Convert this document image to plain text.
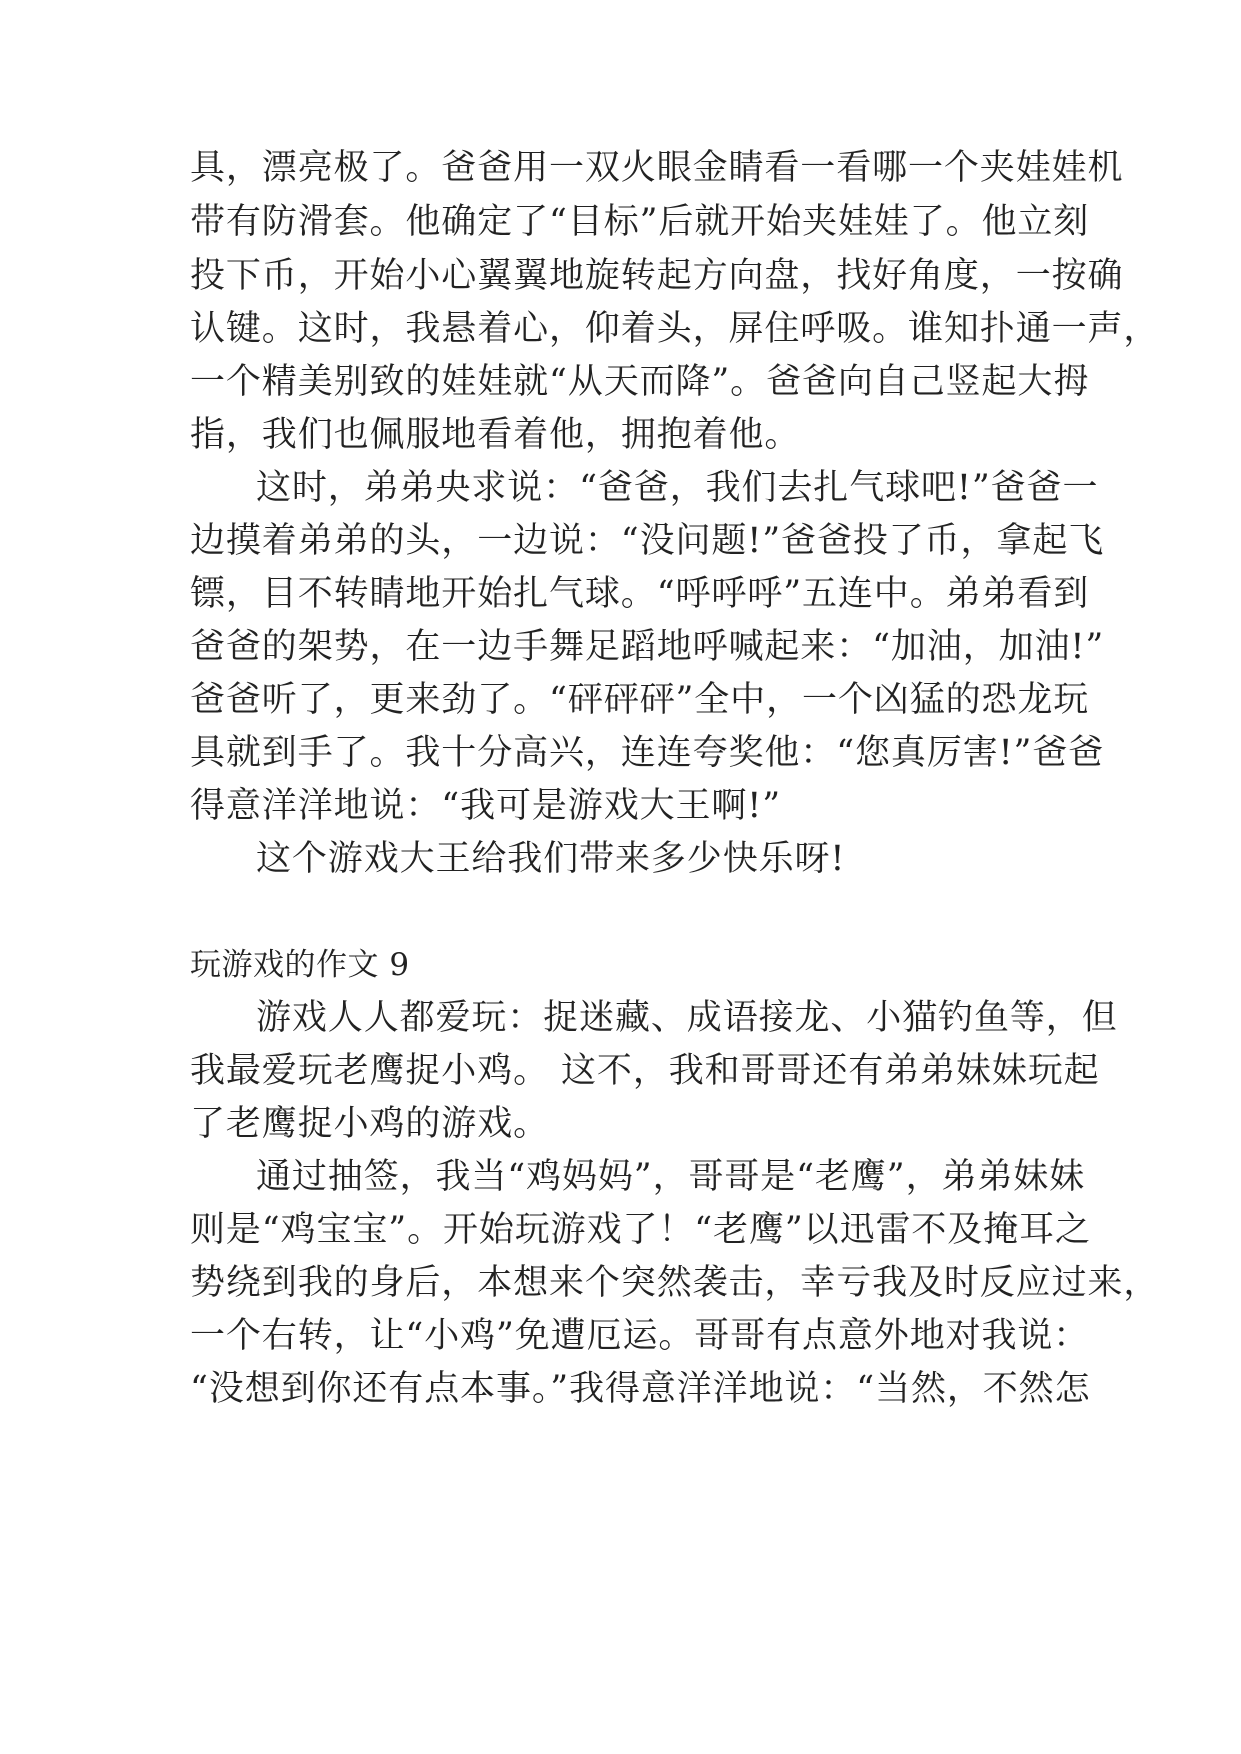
具，漂亮极了。爸爸用一双火眼金睛看一看哪一个夹娃娃机
带有防滑套。他确定了“目标”后就开始夹娃娃了。他立刻
投下币，开始小心翼翼地旋转起方向盘，找好角度，一按确
认键。这时，我悬着心，仰着头，屏住呼吸。谁知扑通一声，
一个精美别致的娃娃就“从天而降”。爸爸向自己竖起大拇
指，我们也佩服地看着他，拥抱着他。
这时，弟弟央求说：“爸爸，我们去扎气球吧!”爸爸一
边摸着弟弟的头，一边说：“没问题!”爸爸投了币，拿起飞
镖，目不转睛地开始扎气球。“呼呼呼”五连中。弟弟看到
爸爸的架势，在一边手舞足蹈地呼喊起来：“加油，加油!”
爸爸听了，更来劲了。“砰砰砰”全中，一个凶猛的恐龙玩
具就到手了。我十分高兴，连连夸奖他：“您真厉害!”爸爸
得意洋洋地说：“我可是游戏大王啊!”
这个游戏大王给我们带来多少快乐呀!
玩游戏的作文 9
游戏人人都爱玩：捉迷藏、成语接龙、小猫钓鱼等，但
我最爱玩老鹰捉小鸡。 这不，我和哥哥还有弟弟妹妹玩起
了老鹰捉小鸡的游戏。
通过抽签，我当“鸡妈妈”，哥哥是“老鹰”，弟弟妹妹
则是“鸡宝宝”。开始玩游戏了！“老鹰”以迅雷不及掩耳之
势绕到我的身后，本想来个突然袭击，幸亏我及时反应过来，
一个右转，让“小鸡”免遭厄运。哥哥有点意外地对我说：
“没想到你还有点本事。”我得意洋洋地说：“当然，不然怎
